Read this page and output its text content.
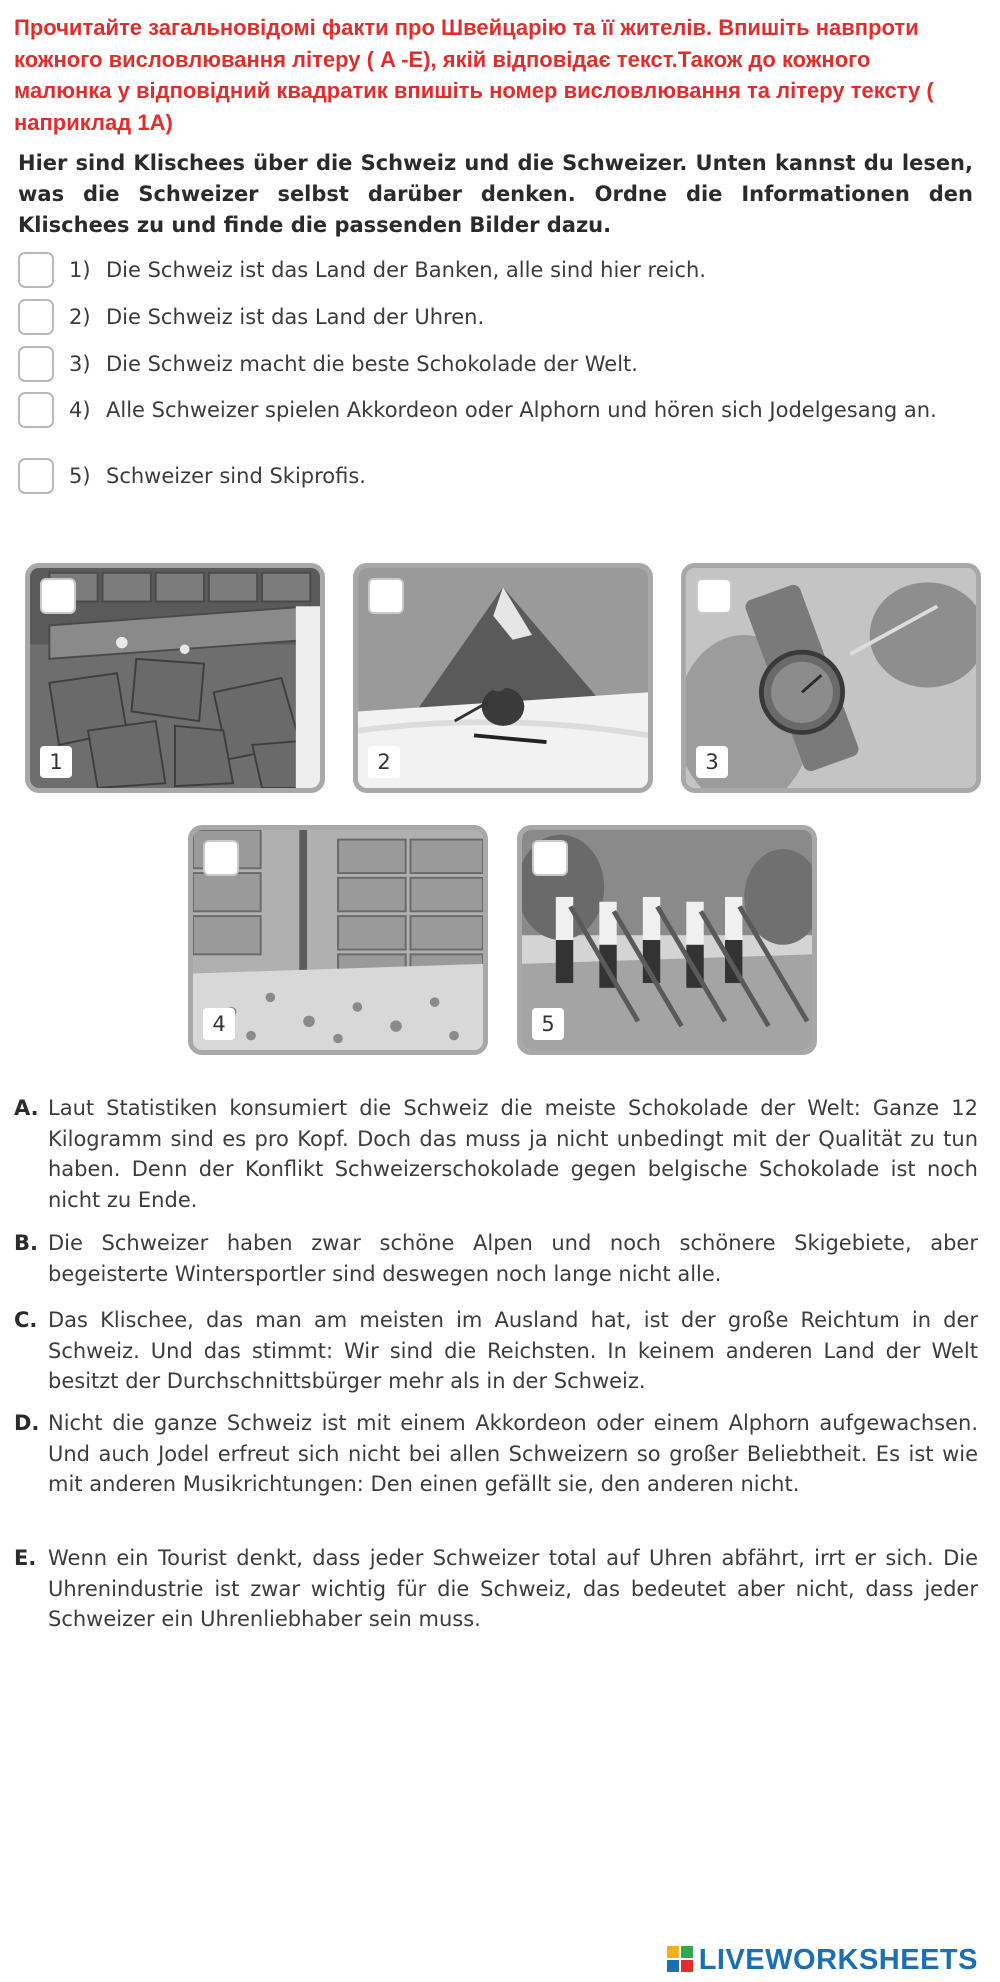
Прочитайте загальновідомі факти про Швейцарію та її жителів. Впишіть навпроти кожного висловлювання літеру ( A -E), якій відповідає текст.Також до кожного малюнка у відповідний квадратик впишіть номер висловлювання та літеру тексту ( наприклад 1A)

Hier sind Klischees über die Schweiz und die Schweizer. Unten kannst du lesen, was die Schweizer selbst darüber denken. Ordne die Informationen den Klischees zu und finde die passenden Bilder dazu.

1) Die Schweiz ist das Land der Banken, alle sind hier reich.
2) Die Schweiz ist das Land der Uhren.
3) Die Schweiz macht die beste Schokolade der Welt.
4) Alle Schweizer spielen Akkordeon oder Alphorn und hören sich Jodelgesang an.
5) Schweizer sind Skiprofis.
1	2	3
4	5
A. Laut Statistiken konsumiert die Schweiz die meiste Schokolade der Welt: Ganze 12 Kilogramm sind es pro Kopf. Doch das muss ja nicht unbedingt mit der Qualität zu tun haben. Denn der Konflikt Schweizerschokolade gegen belgische Schokolade ist noch nicht zu Ende.
B. Die Schweizer haben zwar schöne Alpen und noch schönere Skigebiete, aber begeisterte Wintersportler sind deswegen noch lange nicht alle.
C. Das Klischee, das man am meisten im Ausland hat, ist der große Reichtum in der Schweiz. Und das stimmt: Wir sind die Reichsten. In keinem anderen Land der Welt besitzt der Durchschnittsbürger mehr als in der Schweiz.
D. Nicht die ganze Schweiz ist mit einem Akkordeon oder einem Alphorn aufgewachsen. Und auch Jodel erfreut sich nicht bei allen Schweizern so großer Beliebtheit. Es ist wie mit anderen Musikrichtungen: Den einen gefällt sie, den anderen nicht.
E. Wenn ein Tourist denkt, dass jeder Schweizer total auf Uhren abfährt, irrt er sich. Die Uhrenindustrie ist zwar wichtig für die Schweiz, das bedeutet aber nicht, dass jeder Schweizer ein Uhrenliebhaber sein muss.
LIVEWORKSHEETS
